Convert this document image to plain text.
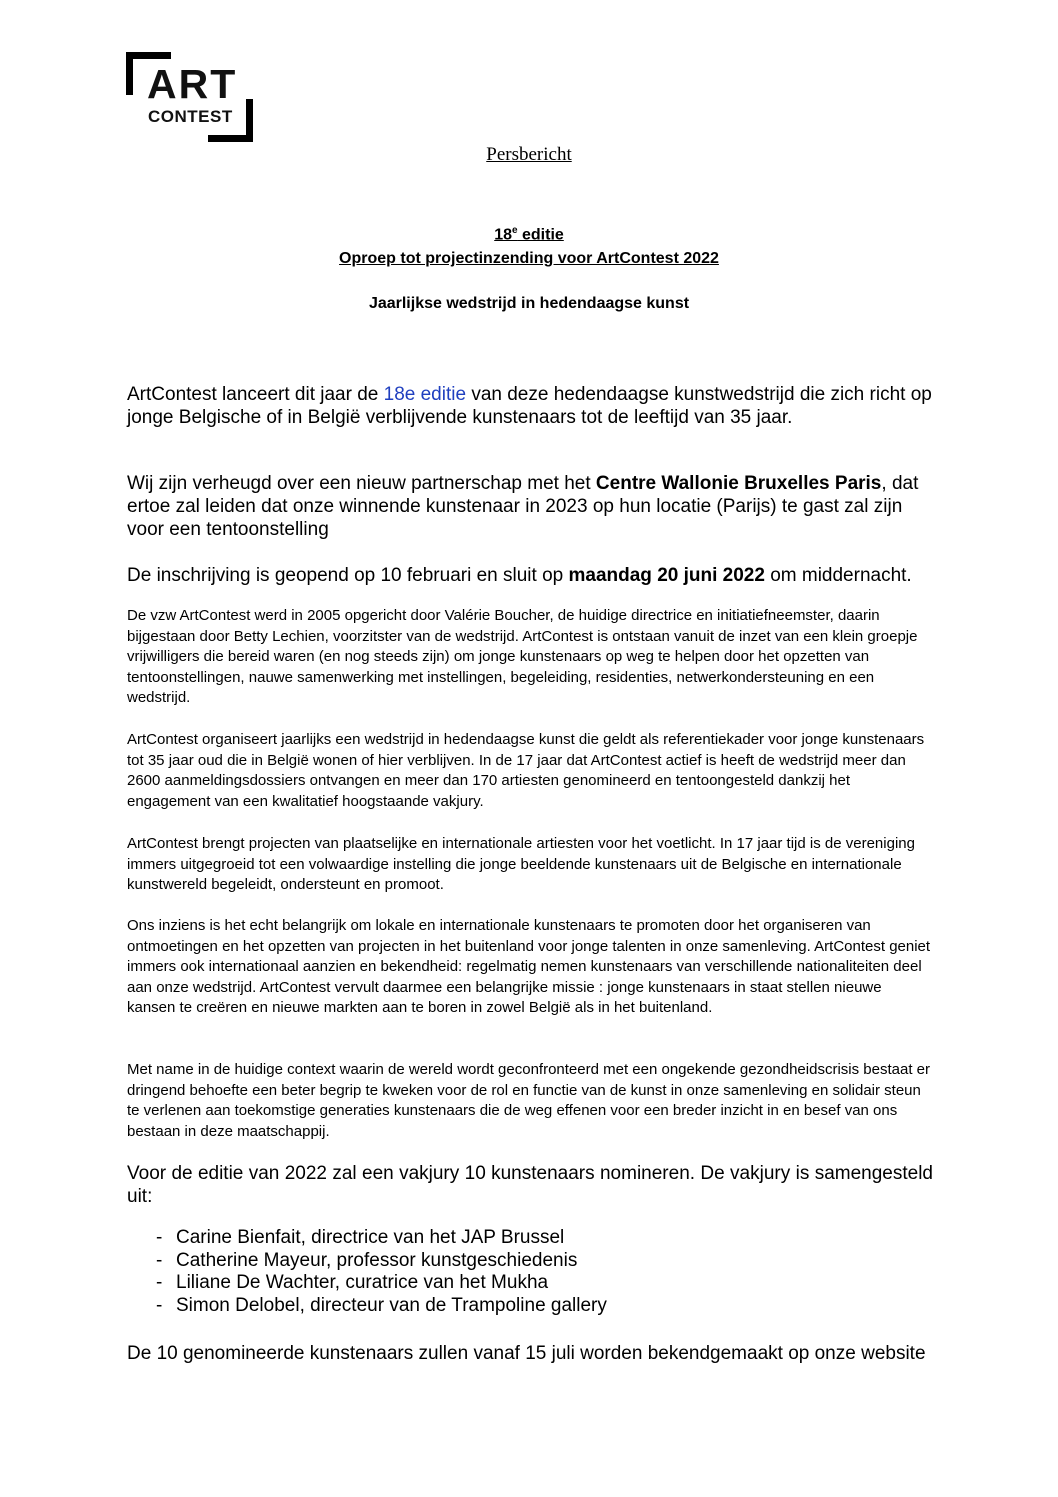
ART
CONTEST
Persbericht
18e editie
Oproep tot projectinzending voor ArtContest 2022
Jaarlijkse wedstrijd in hedendaagse kunst

ArtContest lanceert dit jaar de 18e editie van deze hedendaagse kunstwedstrijd die zich richt op jonge Belgische of in België verblijvende kunstenaars tot de leeftijd van 35 jaar.

Wij zijn verheugd over een nieuw partnerschap met het Centre Wallonie Bruxelles Paris, dat ertoe zal leiden dat onze winnende kunstenaar in 2023 op hun locatie (Parijs) te gast zal zijn voor een tentoonstelling

De inschrijving is geopend op 10 februari en sluit op maandag 20 juni 2022 om middernacht.

De vzw ArtContest werd in 2005 opgericht door Valérie Boucher, de huidige directrice en initiatiefneemster, daarin bijgestaan door Betty Lechien, voorzitster van de wedstrijd. ArtContest is ontstaan vanuit de inzet van een klein groepje vrijwilligers die bereid waren (en nog steeds zijn) om jonge kunstenaars op weg te helpen door het opzetten van tentoonstellingen, nauwe samenwerking met instellingen, begeleiding, residenties, netwerkondersteuning en een wedstrijd.

ArtContest organiseert jaarlijks een wedstrijd in hedendaagse kunst die geldt als referentiekader voor jonge kunstenaars tot 35 jaar oud die in België wonen of hier verblijven. In de 17 jaar dat ArtContest actief is heeft de wedstrijd meer dan 2600 aanmeldingsdossiers ontvangen en meer dan 170 artiesten genomineerd en tentoongesteld dankzij het engagement van een kwalitatief hoogstaande vakjury.

ArtContest brengt projecten van plaatselijke en internationale artiesten voor het voetlicht. In 17 jaar tijd is de vereniging immers uitgegroeid tot een volwaardige instelling die jonge beeldende kunstenaars uit de Belgische en internationale kunstwereld begeleidt, ondersteunt en promoot.

Ons inziens is het echt belangrijk om lokale en internationale kunstenaars te promoten door het organiseren van ontmoetingen en het opzetten van projecten in het buitenland voor jonge talenten in onze samenleving. ArtContest geniet immers ook internationaal aanzien en bekendheid: regelmatig nemen kunstenaars van verschillende nationaliteiten deel aan onze wedstrijd. ArtContest vervult daarmee een belangrijke missie : jonge kunstenaars in staat stellen nieuwe kansen te creëren en nieuwe markten aan te boren in zowel België als in het buitenland.

Met name in de huidige context waarin de wereld wordt geconfronteerd met een ongekende gezondheidscrisis bestaat er dringend behoefte een beter begrip te kweken voor de rol en functie van de kunst in onze samenleving en solidair steun te verlenen aan toekomstige generaties kunstenaars die de weg effenen voor een breder inzicht in en besef van ons bestaan in deze maatschappij.

Voor de editie van 2022 zal een vakjury 10 kunstenaars nomineren. De vakjury is samengesteld uit:

- Carine Bienfait, directrice van het JAP Brussel
- Catherine Mayeur, professor kunstgeschiedenis
- Liliane De Wachter, curatrice van het Mukha
- Simon Delobel, directeur van de Trampoline gallery

De 10 genomineerde kunstenaars zullen vanaf 15 juli worden bekendgemaakt op onze website
